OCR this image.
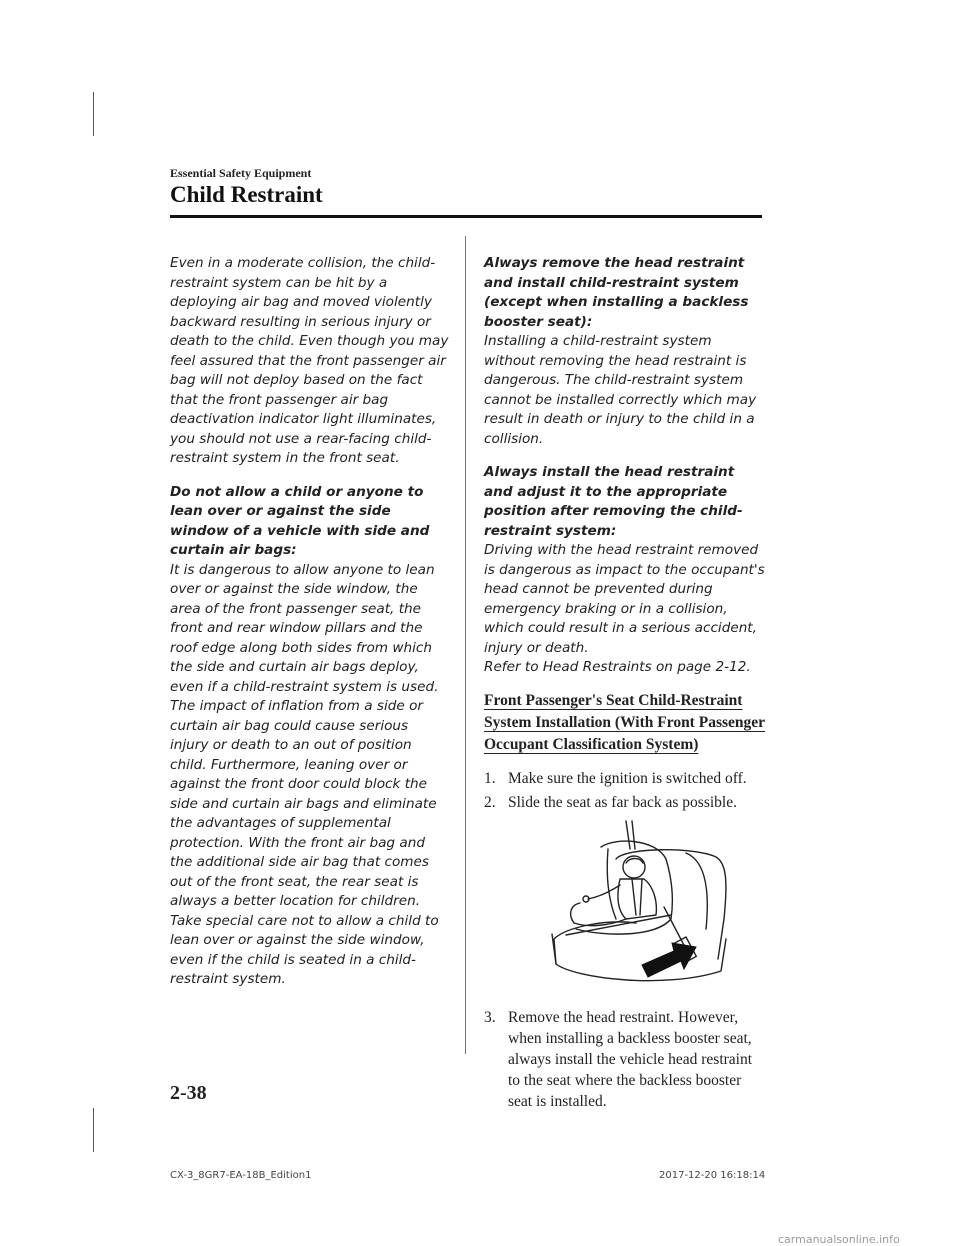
Essential Safety Equipment
Child Restraint

Even in a moderate collision, the child-restraint system can be hit by a deploying air bag and moved violently backward resulting in serious injury or death to the child. Even though you may feel assured that the front passenger air bag will not deploy based on the fact that the front passenger air bag deactivation indicator light illuminates, you should not use a rear-facing child-restraint system in the front seat.

Do not allow a child or anyone to lean over or against the side window of a vehicle with side and curtain air bags:
It is dangerous to allow anyone to lean over or against the side window, the area of the front passenger seat, the front and rear window pillars and the roof edge along both sides from which the side and curtain air bags deploy, even if a child-restraint system is used. The impact of inflation from a side or curtain air bag could cause serious injury or death to an out of position child. Furthermore, leaning over or against the front door could block the side and curtain air bags and eliminate the advantages of supplemental protection. With the front air bag and the additional side air bag that comes out of the front seat, the rear seat is always a better location for children. Take special care not to allow a child to lean over or against the side window, even if the child is seated in a child-restraint system.
Always remove the head restraint and install child-restraint system (except when installing a backless booster seat):
Installing a child-restraint system without removing the head restraint is dangerous. The child-restraint system cannot be installed correctly which may result in death or injury to the child in a collision.
Always install the head restraint and adjust it to the appropriate position after removing the child-restraint system:
Driving with the head restraint removed is dangerous as impact to the occupant's head cannot be prevented during emergency braking or in a collision, which could result in a serious accident, injury or death.
Refer to Head Restraints on page 2-12.
Front Passenger's Seat Child-Restraint System Installation (With Front Passenger Occupant Classification System)
1. Make sure the ignition is switched off.
2. Slide the seat as far back as possible.
3. Remove the head restraint. However, when installing a backless booster seat, always install the vehicle head restraint to the seat where the backless booster seat is installed.
2-38
CX-3_8GR7-EA-18B_Edition1	2017-12-20 16:18:14
carmanualsonline.info
